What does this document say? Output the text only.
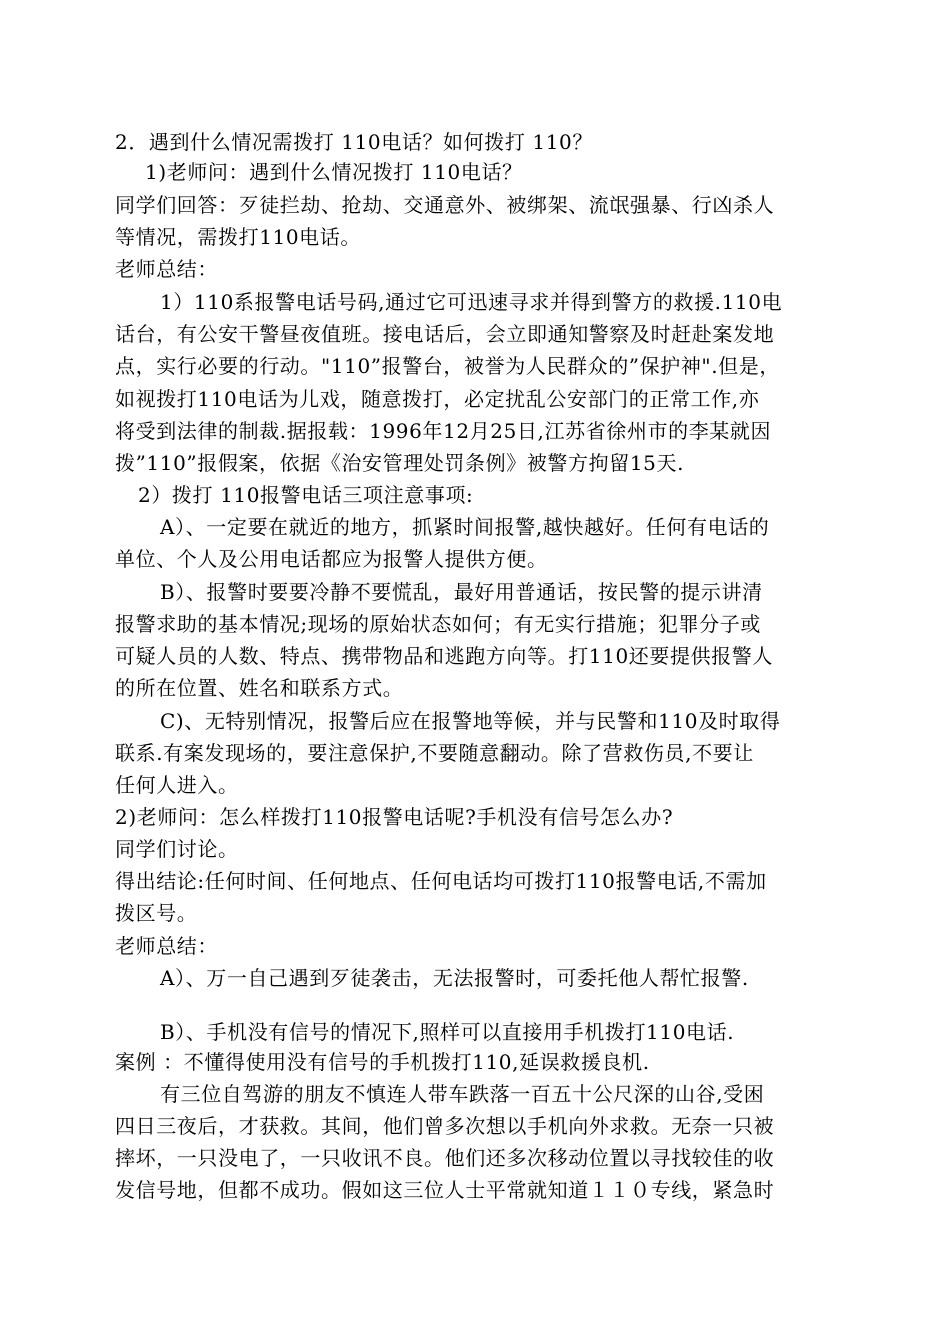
2．遇到什么情况需拨打 110电话？如何拨打 110？
1)老师问：遇到什么情况拨打 110电话？
同学们回答：歹徒拦劫、抢劫、交通意外、被绑架、流氓强暴、行凶杀人
等情况，需拨打110电话。
老师总结：
1）110系报警电话号码,通过它可迅速寻求并得到警方的救援.110电
话台，有公安干警昼夜值班。接电话后，会立即通知警察及时赶赴案发地
点，实行必要的行动。"110”报警台，被誉为人民群众的”保护神".但是，
如视拨打110电话为儿戏，随意拨打，必定扰乱公安部门的正常工作,亦
将受到法律的制裁.据报载：1996年12月25日,江苏省徐州市的李某就因
拨”110”报假案，依据《治安管理处罚条例》被警方拘留15天.
2）拨打 110报警电话三项注意事项:
A）、一定要在就近的地方，抓紧时间报警,越快越好。任何有电话的
单位、个人及公用电话都应为报警人提供方便。
B）、报警时要要冷静不要慌乱，最好用普通话，按民警的提示讲清
报警求助的基本情况;现场的原始状态如何；有无实行措施；犯罪分子或
可疑人员的人数、特点、携带物品和逃跑方向等。打110还要提供报警人
的所在位置、姓名和联系方式。
C)、无特别情况，报警后应在报警地等候，并与民警和110及时取得
联系.有案发现场的，要注意保护,不要随意翻动。除了营救伤员,不要让
任何人进入。
2)老师问：怎么样拨打110报警电话呢?手机没有信号怎么办?
同学们讨论。
得出结论:任何时间、任何地点、任何电话均可拨打110报警电话,不需加
拨区号。
老师总结：
A）、万一自己遇到歹徒袭击，无法报警时，可委托他人帮忙报警.
B）、手机没有信号的情况下,照样可以直接用手机拨打110电话.
案例 ：不懂得使用没有信号的手机拨打110,延误救援良机.
有三位自驾游的朋友不慎连人带车跌落一百五十公尺深的山谷,受困
四日三夜后，才获救。其间，他们曾多次想以手机向外求救。无奈一只被
摔坏，一只没电了，一只收讯不良。他们还多次移动位置以寻找较佳的收
发信号地，但都不成功。假如这三位人士平常就知道１１０专线，紧急时
